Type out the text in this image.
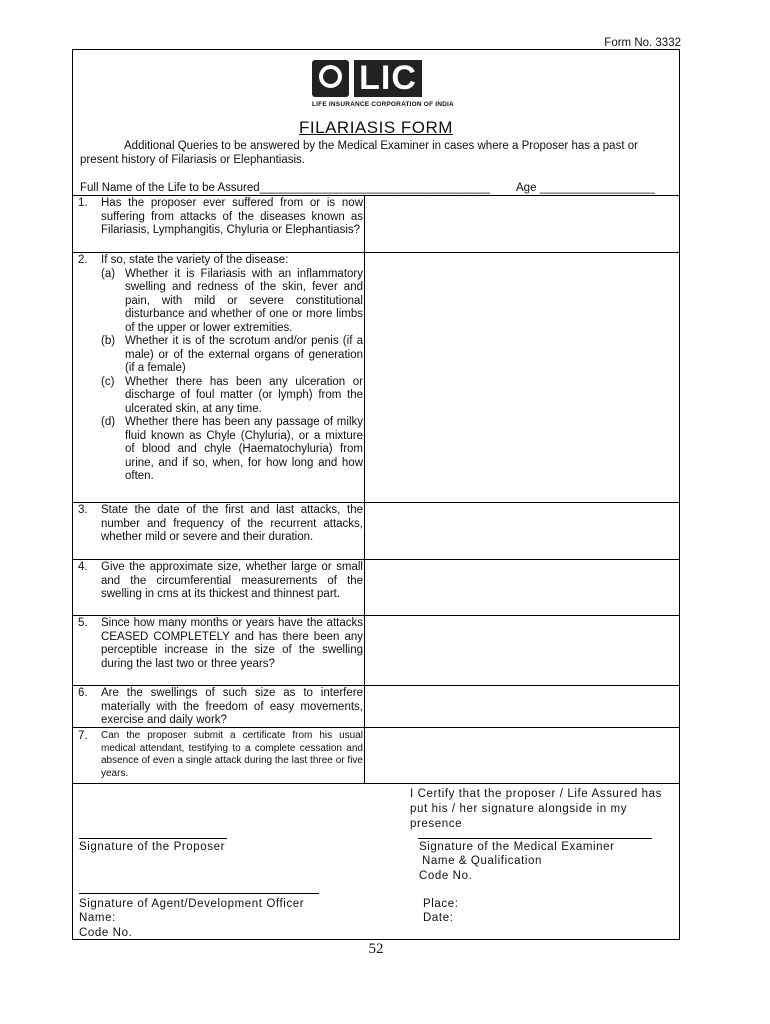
Form No. 3332
LIC
LIFE INSURANCE CORPORATION OF INDIA
FILARIASIS FORM
Additional Queries to be answered by the Medical Examiner in cases where a Proposer has a past or present history of Filariasis or Elephantiasis.
Full Name of the Life to be Assured____________________________________ Age __________________
1.	Has the proposer ever suffered from or is now suffering from attacks of the diseases known as Filariasis, Lymphangitis, Chyluria or Elephantiasis?
2.	If so, state the variety of the disease:
(a) Whether it is Filariasis with an inflammatory swelling and redness of the skin, fever and pain, with mild or severe constitutional disturbance and whether of one or more limbs of the upper or lower extremities.
(b) Whether it is of the scrotum and/or penis (if a male) or of the external organs of generation (if a female)
(c) Whether there has been any ulceration or discharge of foul matter (or lymph) from the ulcerated skin, at any time.
(d) Whether there has been any passage of milky fluid known as Chyle (Chyluria), or a mixture of blood and chyle (Haematochyluria) from urine, and if so, when, for how long and how often.
3.	State the date of the first and last attacks, the number and frequency of the recurrent attacks, whether mild or severe and their duration.
4.	Give the approximate size, whether large or small and the circumferential measurements of the swelling in cms at its thickest and thinnest part.
5.	Since how many months or years have the attacks CEASED COMPLETELY and has there been any perceptible increase in the size of the swelling during the last two or three years?
6.	Are the swellings of such size as to interfere materially with the freedom of easy movements, exercise and daily work?
7.	Can the proposer submit a certificate from his usual medical attendant, testifying to a complete cessation and absence of even a single attack during the last three or five years.
I Certify that the proposer / Life Assured has put his / her signature alongside in my presence
Signature of the Proposer	Signature of the Medical Examiner
Name & Qualification
Code No.
Signature of Agent/Development Officer
Name:
Code No.
Place:
Date:
52
